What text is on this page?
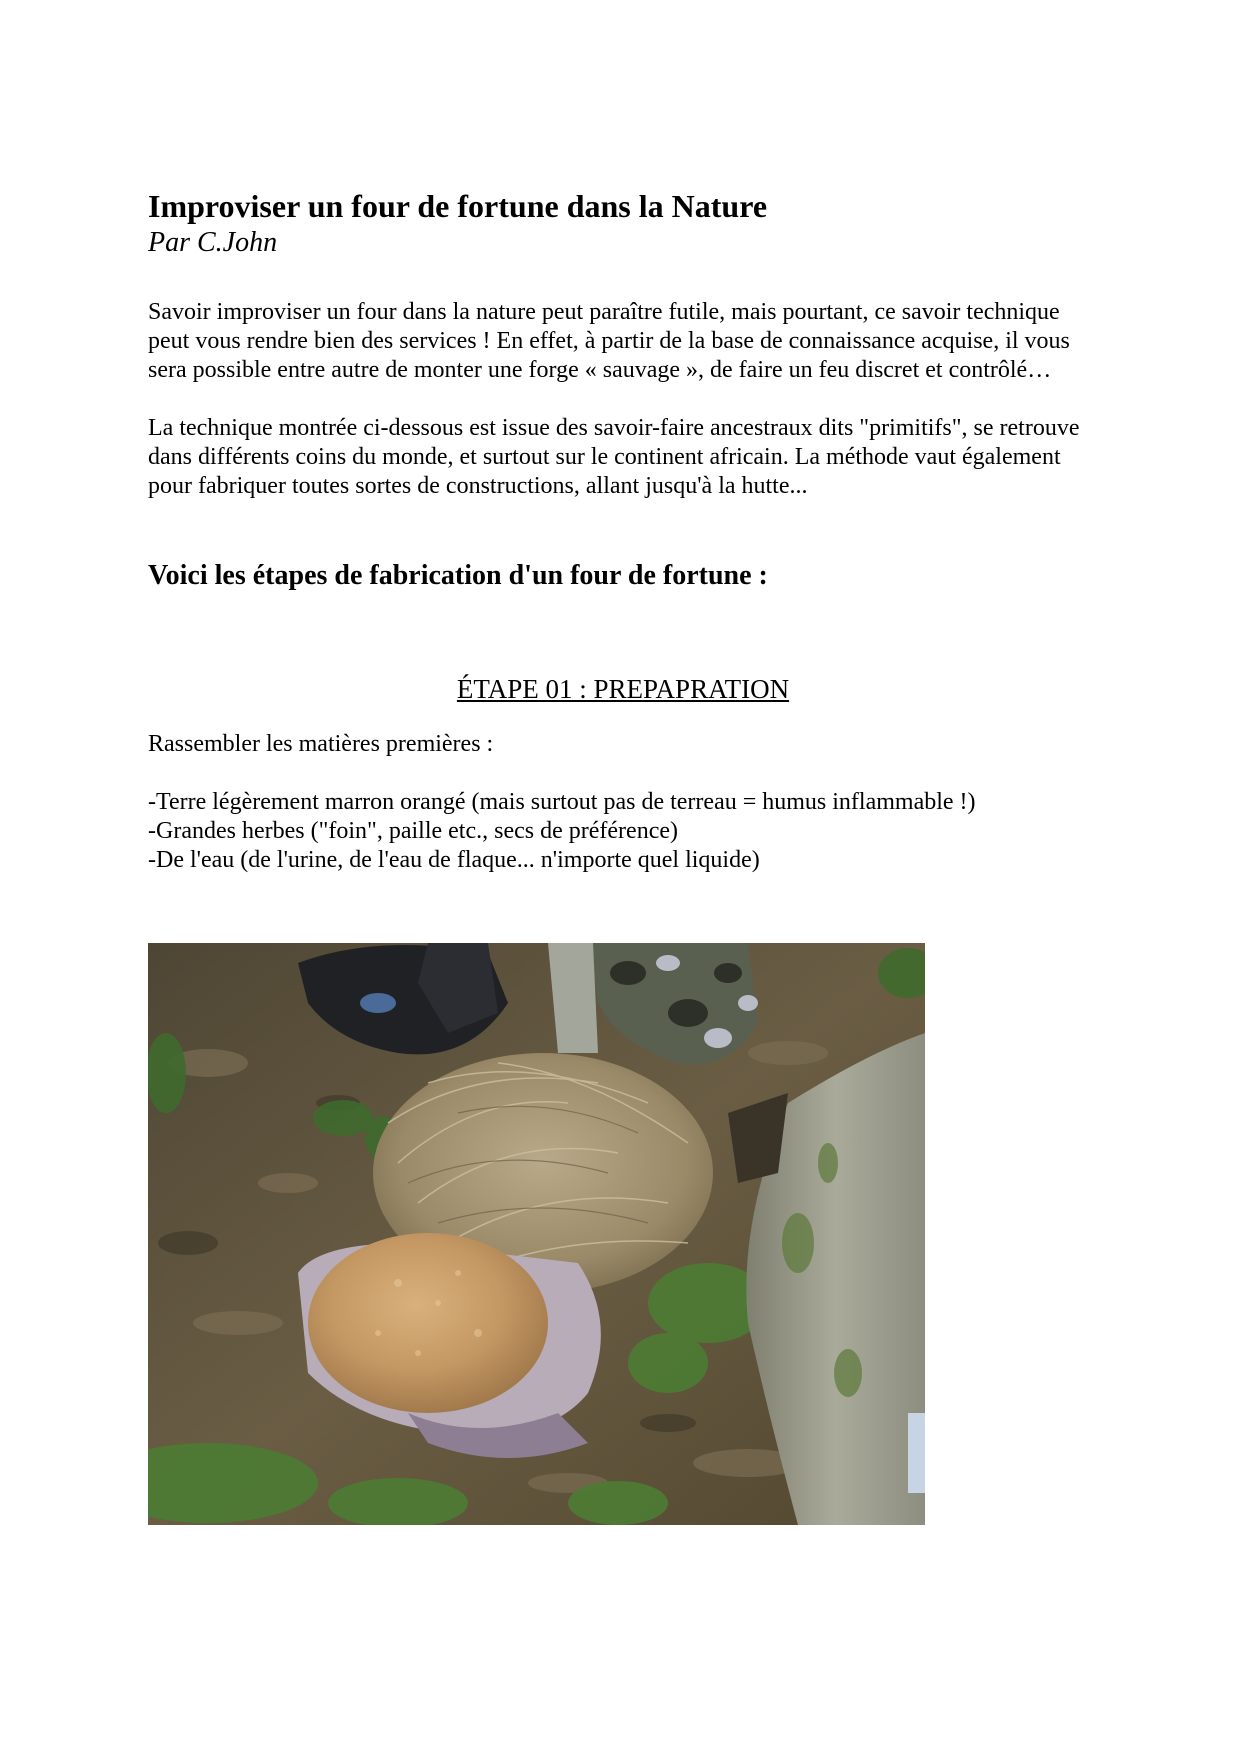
Improviser un four de fortune dans la Nature
Par C.John

Savoir improviser un four dans la nature peut paraître futile, mais pourtant, ce savoir technique peut vous rendre bien des services ! En effet, à partir de la base de connaissance acquise, il vous sera possible entre autre de monter une forge « sauvage », de faire un feu discret et contrôlé…

La technique montrée ci-dessous est issue des savoir-faire ancestraux dits "primitifs", se retrouve dans différents coins du monde, et surtout sur le continent africain. La méthode vaut également pour fabriquer toutes sortes de constructions, allant jusqu'à la hutte...

Voici les étapes de fabrication d'un four de fortune :
ÉTAPE 01 : PREPAPRATION

Rassembler les matières premières :

-Terre légèrement marron orangé (mais surtout pas de terreau = humus inflammable !)
-Grandes herbes ("foin", paille etc., secs de préférence)
-De l'eau (de l'urine, de l'eau de flaque... n'importe quel liquide)
